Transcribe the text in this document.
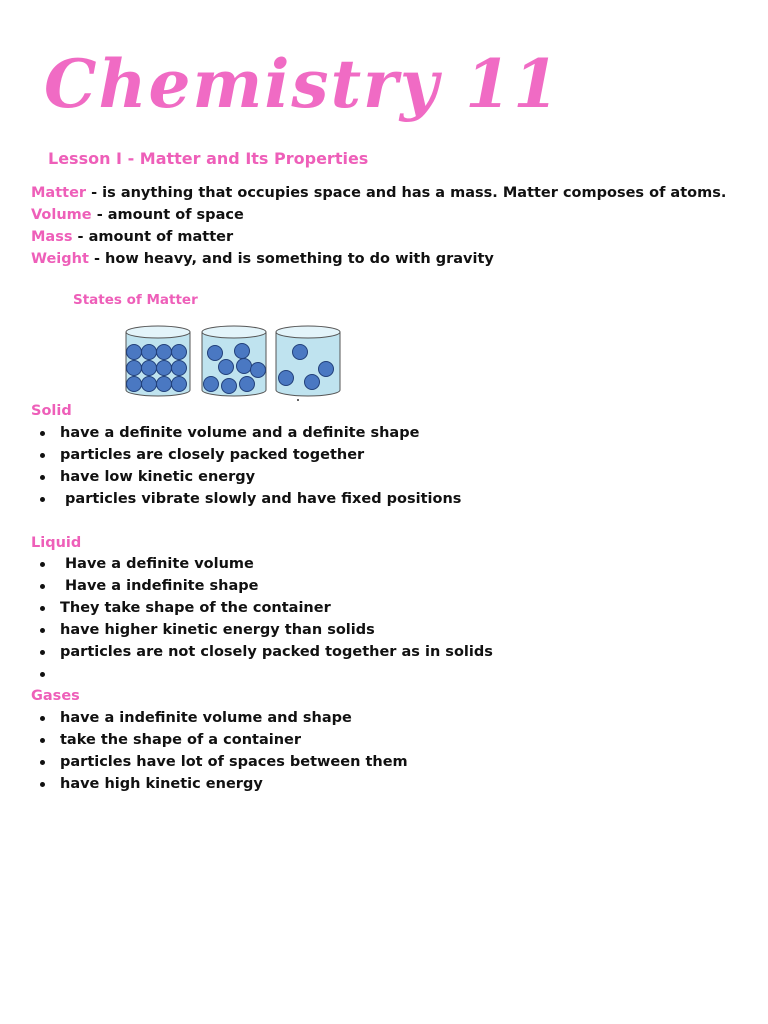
Chemistry 11
Lesson I - Matter and Its Properties
Matter - is anything that occupies space and has a mass. Matter composes of atoms.
Volume - amount of space
Mass - amount of matter
Weight - how heavy, and is something to do with gravity
States of Matter
Solid
have a definite volume and a definite shape
particles are closely packed together
have low kinetic energy
particles vibrate slowly and have fixed positions
Liquid
Have a definite volume
Have a indefinite shape
They take shape of the container
have higher kinetic energy than solids
particles are not closely packed together as in solids
Gases
have a indefinite volume and shape
take the shape of a container
particles have lot of spaces between them
have high kinetic energy
